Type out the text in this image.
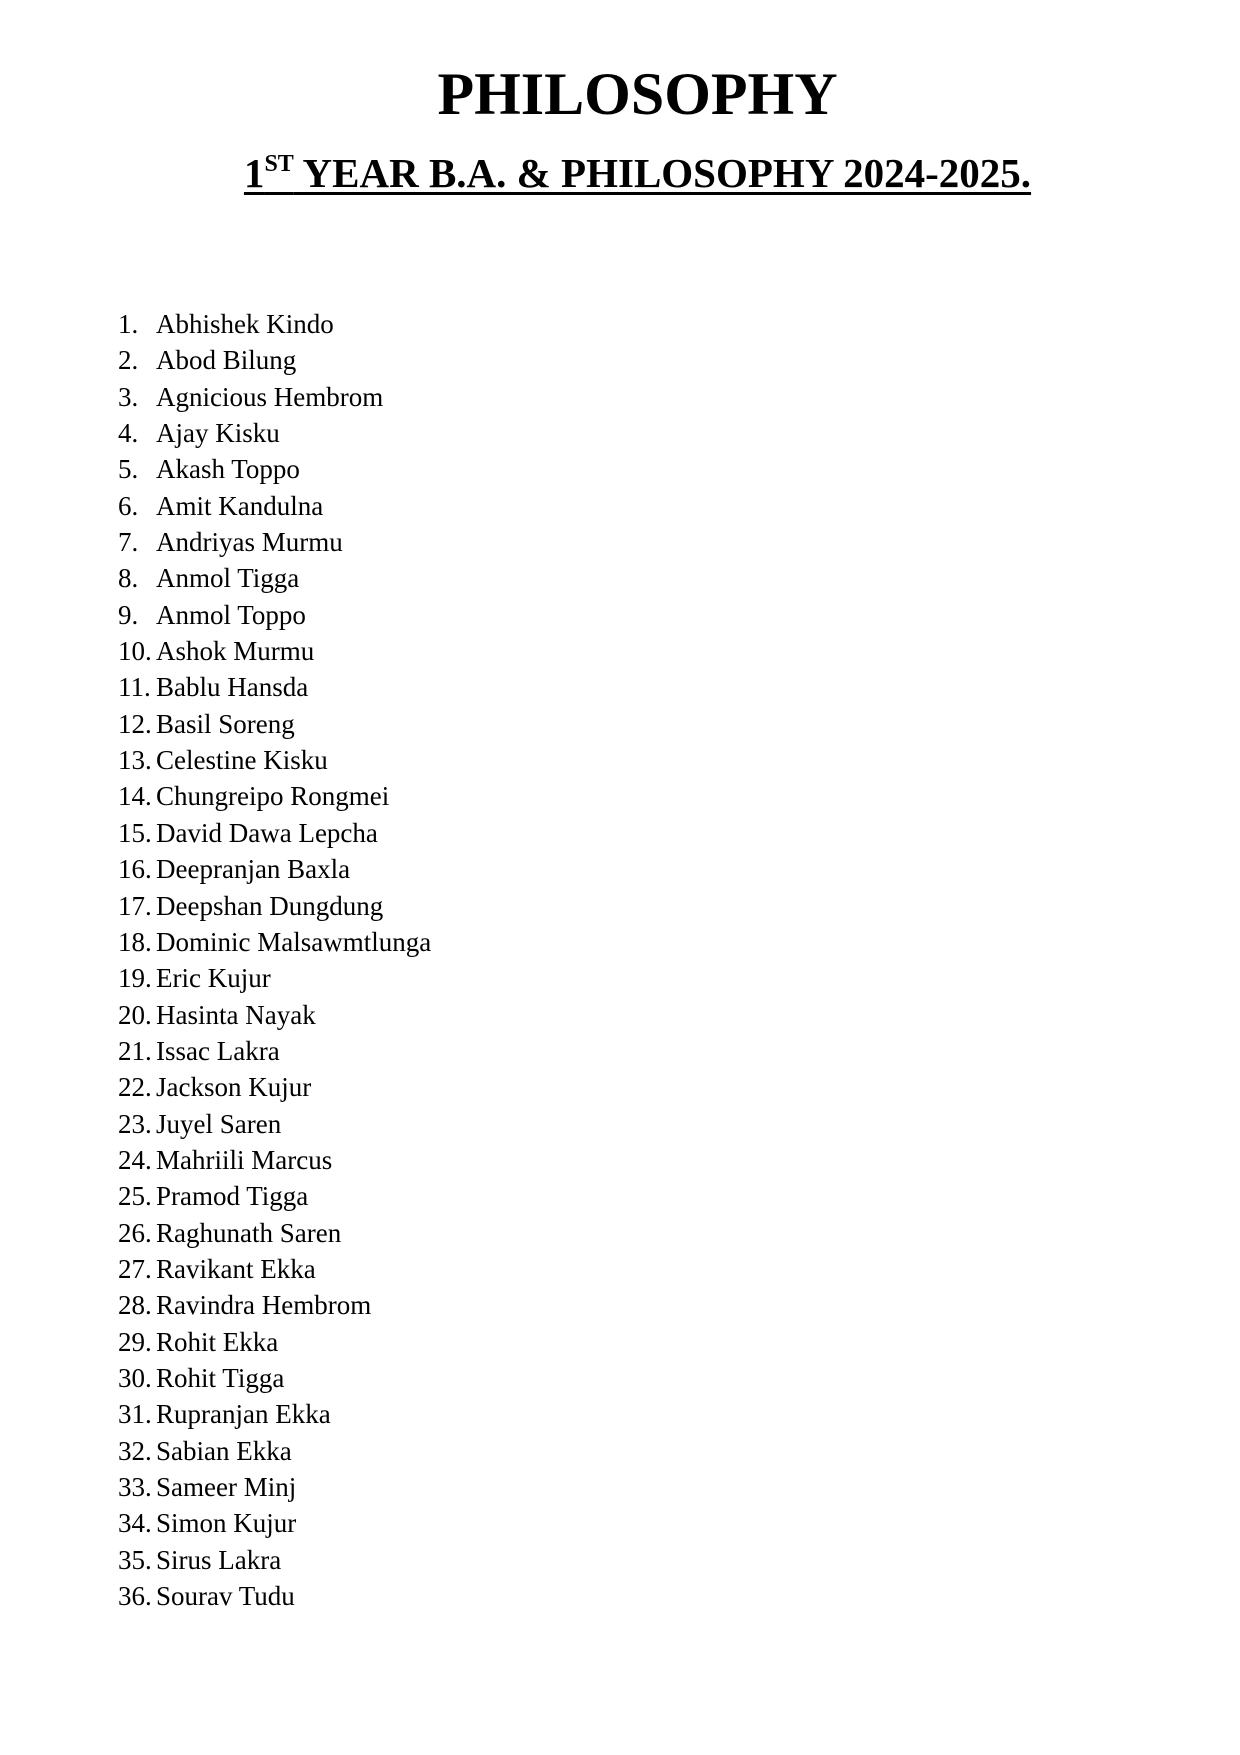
PHILOSOPHY
1ST YEAR B.A. & PHILOSOPHY 2024-2025.
1. Abhishek Kindo
2. Abod Bilung
3. Agnicious Hembrom
4. Ajay Kisku
5. Akash Toppo
6. Amit Kandulna
7. Andriyas Murmu
8. Anmol Tigga
9. Anmol Toppo
10. Ashok Murmu
11. Bablu Hansda
12. Basil Soreng
13. Celestine Kisku
14. Chungreipo Rongmei
15. David Dawa Lepcha
16. Deepranjan Baxla
17. Deepshan Dungdung
18. Dominic Malsawmtlunga
19. Eric Kujur
20. Hasinta Nayak
21. Issac Lakra
22. Jackson Kujur
23. Juyel Saren
24. Mahriili Marcus
25. Pramod Tigga
26. Raghunath Saren
27. Ravikant Ekka
28. Ravindra Hembrom
29. Rohit Ekka
30. Rohit Tigga
31. Rupranjan Ekka
32. Sabian Ekka
33. Sameer Minj
34. Simon Kujur
35. Sirus Lakra
36. Sourav Tudu
